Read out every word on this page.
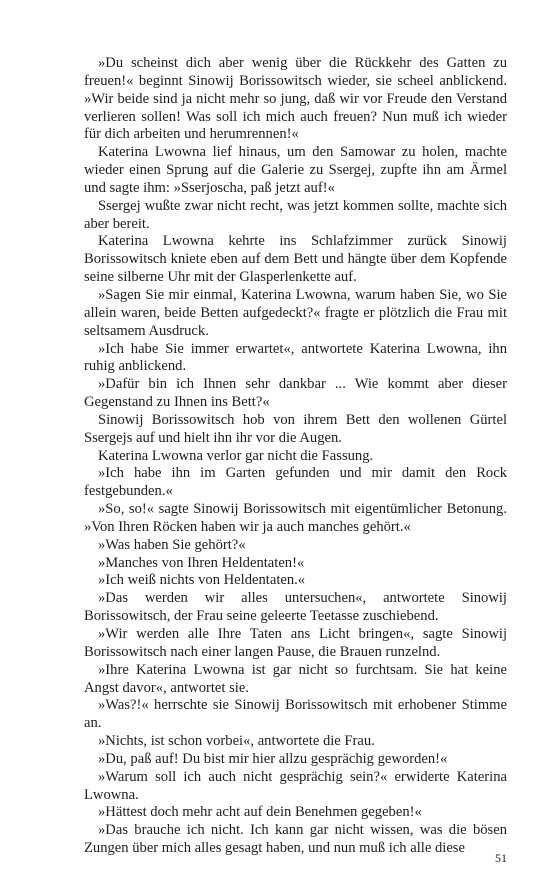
»Du scheinst dich aber wenig über die Rückkehr des Gatten zu freuen!« beginnt Sinowij Borissowitsch wieder, sie scheel anblickend. »Wir beide sind ja nicht mehr so jung, daß wir vor Freude den Verstand verlieren sollen! Was soll ich mich auch freuen? Nun muß ich wieder für dich arbeiten und herumrennen!«

Katerina Lwowna lief hinaus, um den Samowar zu holen, machte wieder einen Sprung auf die Galerie zu Ssergej, zupfte ihn am Ärmel und sagte ihm: »Sserjoscha, paß jetzt auf!«

Ssergej wußte zwar nicht recht, was jetzt kommen sollte, machte sich aber bereit.

Katerina Lwowna kehrte ins Schlafzimmer zurück Sinowij Borissowitsch kniete eben auf dem Bett und hängte über dem Kopfende seine silberne Uhr mit der Glasperlenkette auf.

»Sagen Sie mir einmal, Katerina Lwowna, warum haben Sie, wo Sie allein waren, beide Betten aufgedeckt?« fragte er plötzlich die Frau mit seltsamem Ausdruck.

»Ich habe Sie immer erwartet«, antwortete Katerina Lwowna, ihn ruhig anblickend.

»Dafür bin ich Ihnen sehr dankbar ... Wie kommt aber dieser Gegenstand zu Ihnen ins Bett?«

Sinowij Borissowitsch hob von ihrem Bett den wollenen Gürtel Ssergejs auf und hielt ihn ihr vor die Augen.

Katerina Lwowna verlor gar nicht die Fassung.

»Ich habe ihn im Garten gefunden und mir damit den Rock festgebunden.«

»So, so!« sagte Sinowij Borissowitsch mit eigentümlicher Betonung. »Von Ihren Röcken haben wir ja auch manches gehört.«

»Was haben Sie gehört?«

»Manches von Ihren Heldentaten!«

»Ich weiß nichts von Heldentaten.«

»Das werden wir alles untersuchen«, antwortete Sinowij Borissowitsch, der Frau seine geleerte Teetasse zuschiebend.

»Wir werden alle Ihre Taten ans Licht bringen«, sagte Sinowij Borissowitsch nach einer langen Pause, die Brauen runzelnd.

»Ihre Katerina Lwowna ist gar nicht so furchtsam. Sie hat keine Angst davor«, antwortet sie.

»Was?!« herrschte sie Sinowij Borissowitsch mit erhobener Stimme an.

»Nichts, ist schon vorbei«, antwortete die Frau.

»Du, paß auf! Du bist mir hier allzu gesprächig geworden!«

»Warum soll ich auch nicht gesprächig sein?« erwiderte Katerina Lwowna.

»Hättest doch mehr acht auf dein Benehmen gegeben!«

»Das brauche ich nicht. Ich kann gar nicht wissen, was die bösen Zungen über mich alles gesagt haben, und nun muß ich alle diese

51
